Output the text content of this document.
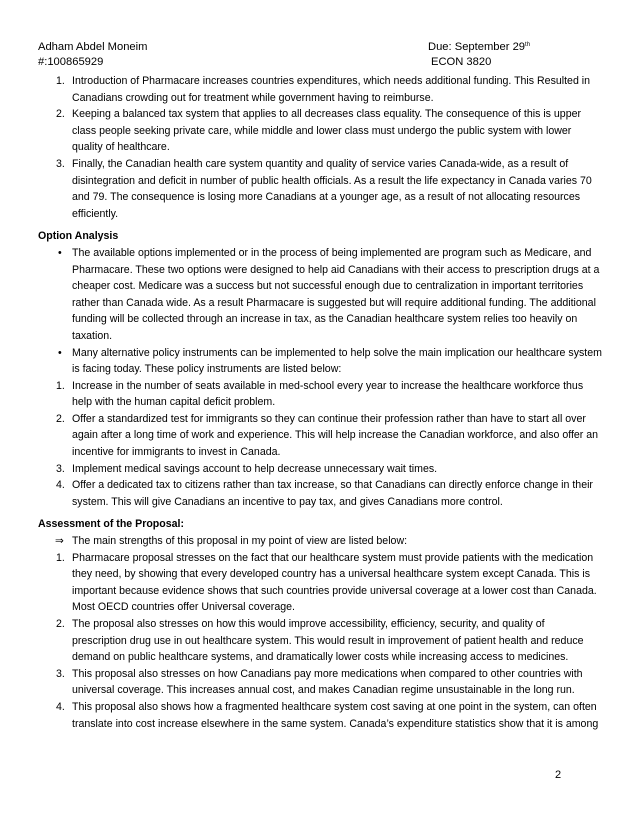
Adham Abdel Moneim
#:100865929
Due: September 29th
ECON 3820
1. Introduction of Pharmacare increases countries expenditures, which needs additional funding. This Resulted in Canadians crowding out for treatment while government having to reimburse.
2. Keeping a balanced tax system that applies to all decreases class equality. The consequence of this is upper class people seeking private care, while middle and lower class must undergo the public system with lower quality of healthcare.
3. Finally, the Canadian health care system quantity and quality of service varies Canada-wide, as a result of disintegration and deficit in number of public health officials. As a result the life expectancy in Canada varies 70 and 79. The consequence is losing more Canadians at a younger age, as a result of not allocating resources efficiently.
Option Analysis
• The available options implemented or in the process of being implemented are program such as Medicare, and Pharmacare. These two options were designed to help aid Canadians with their access to prescription drugs at a cheaper cost. Medicare was a success but not successful enough due to centralization in important territories rather than Canada wide. As a result Pharmacare is suggested but will require additional funding. The additional funding will be collected through an increase in tax, as the Canadian healthcare system relies too heavily on taxation.
• Many alternative policy instruments can be implemented to help solve the main implication our healthcare system is facing today. These policy instruments are listed below:
1. Increase in the number of seats available in med-school every year to increase the healthcare workforce thus help with the human capital deficit problem.
2. Offer a standardized test for immigrants so they can continue their profession rather than have to start all over again after a long time of work and experience. This will help increase the Canadian workforce, and also offer an incentive for immigrants to invest in Canada.
3. Implement medical savings account to help decrease unnecessary wait times.
4. Offer a dedicated tax to citizens rather than tax increase, so that Canadians can directly enforce change in their system. This will give Canadians an incentive to pay tax, and gives Canadians more control.
Assessment of the Proposal:
⇒ The main strengths of this proposal in my point of view are listed below:
1. Pharmacare proposal stresses on the fact that our healthcare system must provide patients with the medication they need, by showing that every developed country has a universal healthcare system except Canada. This is important because evidence shows that such countries provide universal coverage at a lower cost than Canada. Most OECD countries offer Universal coverage.
2. The proposal also stresses on how this would improve accessibility, efficiency, security, and quality of prescription drug use in out healthcare system. This would result in improvement of patient health and reduce demand on public healthcare systems, and dramatically lower costs while increasing access to medicines.
3. This proposal also stresses on how Canadians pay more medications when compared to other countries with universal coverage. This increases annual cost, and makes Canadian regime unsustainable in the long run.
4. This proposal also shows how a fragmented healthcare system cost saving at one point in the system, can often translate into cost increase elsewhere in the same system. Canada’s expenditure statistics show that it is among
2
